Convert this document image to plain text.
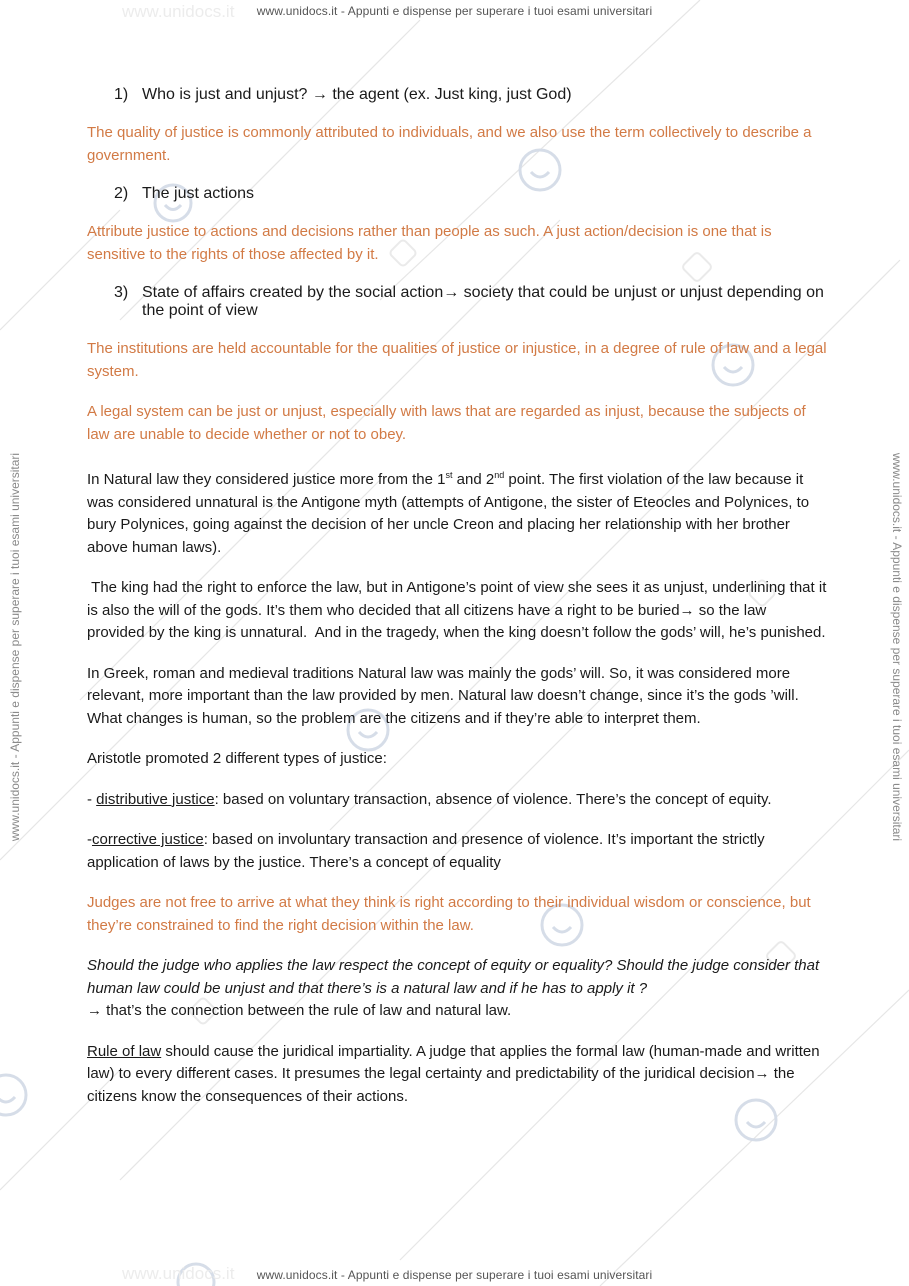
www.unidocs.it
www.unidocs.it
www.unidocs.it - Appunti e dispense per superare i tuoi esami universitari
www.unidocs.it - Appunti e dispense per superare i tuoi esami universitari
www.unidocs.it - Appunti e dispense per superare i tuoi esami universitari	www.unidocs.it - Appunti e dispense per superare i tuoi esami universitari
1) Who is just and unjust? → the agent (ex. Just king, just God)

The quality of justice is commonly attributed to individuals, and we also use the term collectively to describe a government.

2) The just actions

Attribute justice to actions and decisions rather than people as such. A just action/decision is one that is sensitive to the rights of those affected by it.

3) State of affairs created by the social action→ society that could be unjust or unjust depending on the point of view

The institutions are held accountable for the qualities of justice or injustice, in a degree of rule of law and a legal system.

A legal system can be just or unjust, especially with laws that are regarded as injust, because the subjects of law are unable to decide whether or not to obey.

In Natural law they considered justice more from the 1st and 2nd point. The first violation of the law because it was considered unnatural is the Antigone myth (attempts of Antigone, the sister of Eteocles and Polynices, to bury Polynices, going against the decision of her uncle Creon and placing her relationship with her brother above human laws).

The king had the right to enforce the law, but in Antigone’s point of view she sees it as unjust, underlining that it is also the will of the gods. It’s them who decided that all citizens have a right to be buried→ so the law provided by the king is unnatural.  And in the tragedy, when the king doesn’t follow the gods’ will, he’s punished.

In Greek, roman and medieval traditions Natural law was mainly the gods’ will. So, it was considered more relevant, more important than the law provided by men. Natural law doesn’t change, since it’s the gods ’will. What changes is human, so the problem are the citizens and if they’re able to interpret them.

Aristotle promoted 2 different types of justice:

- distributive justice: based on voluntary transaction, absence of violence. There’s the concept of equity.

-corrective justice: based on involuntary transaction and presence of violence. It’s important the strictly application of laws by the justice. There’s a concept of equality

Judges are not free to arrive at what they think is right according to their individual wisdom or conscience, but they’re constrained to find the right decision within the law.

Should the judge who applies the law respect the concept of equity or equality? Should the judge consider that human law could be unjust and that there’s is a natural law and if he has to apply it ?
→ that’s the connection between the rule of law and natural law.

Rule of law should cause the juridical impartiality. A judge that applies the formal law (human-made and written law) to every different cases. It presumes the legal certainty and predictability of the juridical decision→ the citizens know the consequences of their actions.
